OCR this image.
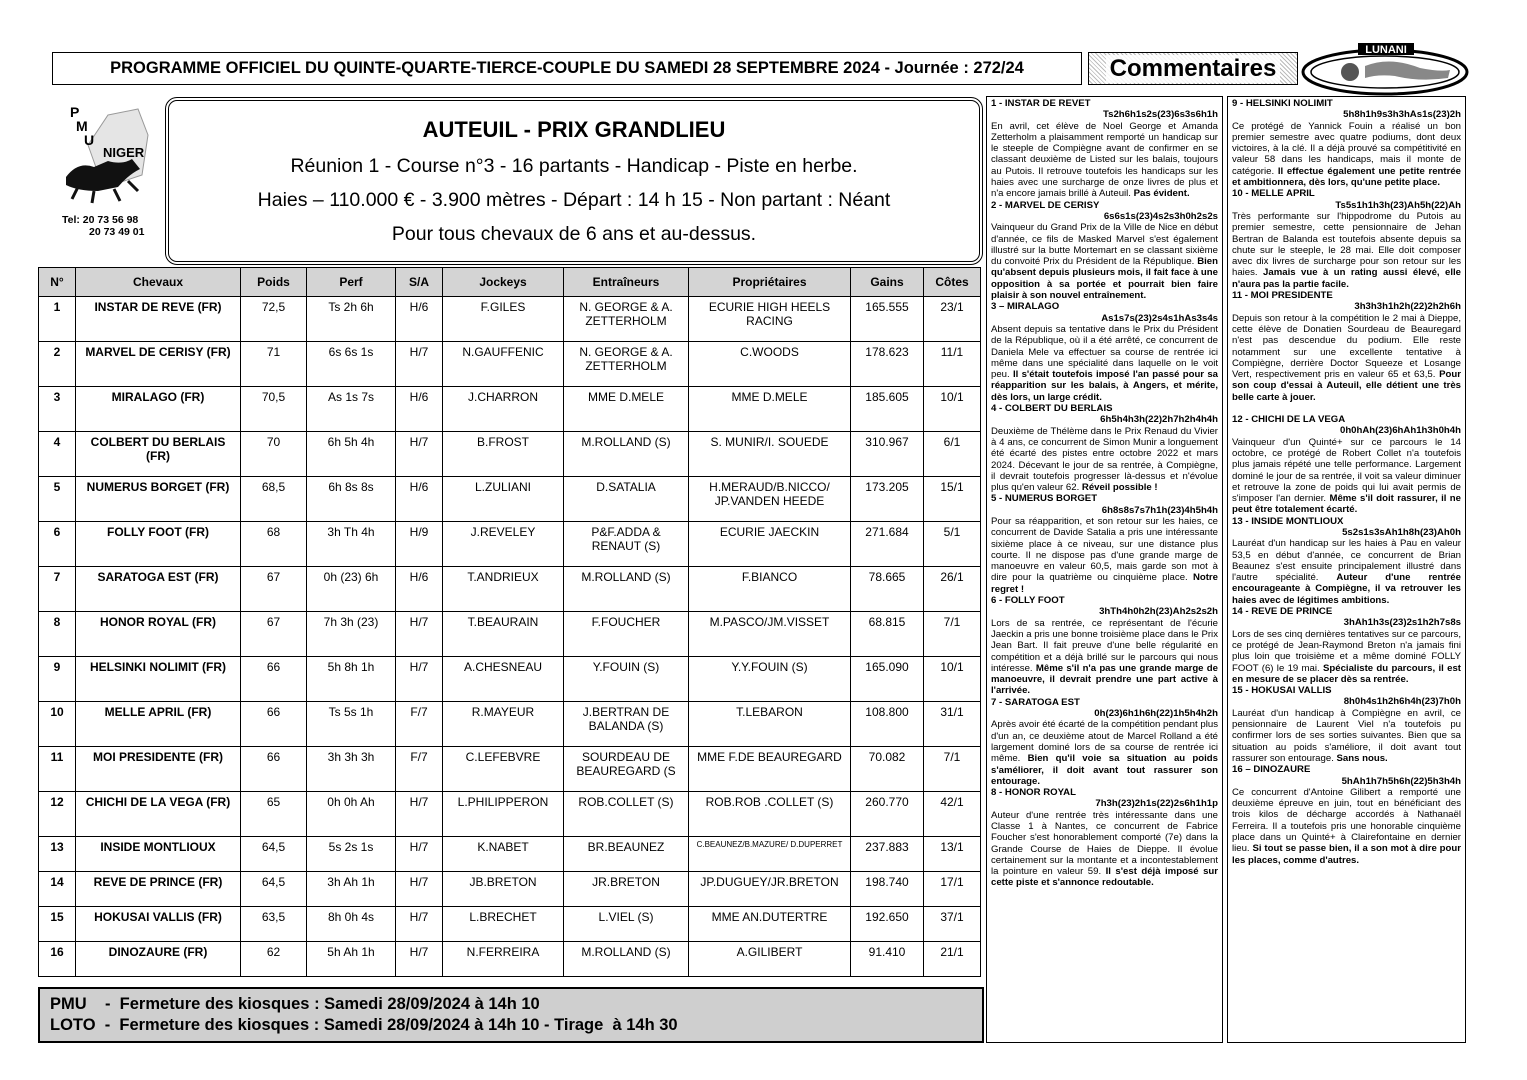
PROGRAMME OFFICIEL DU QUINTE-QUARTE-TIERCE-COUPLE DU SAMEDI 28 SEPTEMBRE 2024 - Journée : 272/24	Commentaires
LUNANI
P
M
U
NIGER
Tel: 20 73 56 98
20 73 49 01
AUTEUIL - PRIX GRANDLIEU
Réunion 1 - Course n°3 - 16 partants - Handicap - Piste en herbe.
Haies – 110.000 € - 3.900 mètres - Départ : 14 h 15 - Non partant : Néant
Pour tous chevaux de 6 ans et au-dessus.
N°	Chevaux	Poids	Perf	S/A	Jockeys	Entraîneurs	Propriétaires	Gains	Côtes
1	INSTAR DE REVE (FR)	72,5	Ts 2h 6h	H/6	F.GILES	N. GEORGE & A. ZETTERHOLM	ECURIE HIGH HEELS RACING	165.555	23/1
2	MARVEL DE CERISY (FR)	71	6s 6s 1s	H/7	N.GAUFFENIC	N. GEORGE & A. ZETTERHOLM	C.WOODS	178.623	11/1
3	MIRALAGO (FR)	70,5	As 1s 7s	H/6	J.CHARRON	MME D.MELE	MME D.MELE	185.605	10/1
4	COLBERT DU BERLAIS (FR)	70	6h 5h 4h	H/7	B.FROST	M.ROLLAND (S)	S. MUNIR/I. SOUEDE	310.967	6/1
5	NUMERUS BORGET (FR)	68,5	6h 8s 8s	H/6	L.ZULIANI	D.SATALIA	H.MERAUD/B.NICCO/ JP.VANDEN HEEDE	173.205	15/1
6	FOLLY FOOT (FR)	68	3h Th 4h	H/9	J.REVELEY	P&F.ADDA & RENAUT (S)	ECURIE JAECKIN	271.684	5/1
7	SARATOGA EST (FR)	67	0h (23) 6h	H/6	T.ANDRIEUX	M.ROLLAND (S)	F.BIANCO	78.665	26/1
8	HONOR ROYAL (FR)	67	7h 3h (23)	H/7	T.BEAURAIN	F.FOUCHER	M.PASCO/JM.VISSET	68.815	7/1
9	HELSINKI NOLIMIT (FR)	66	5h 8h 1h	H/7	A.CHESNEAU	Y.FOUIN (S)	Y.Y.FOUIN (S)	165.090	10/1
10	MELLE APRIL (FR)	66	Ts 5s 1h	F/7	R.MAYEUR	J.BERTRAN DE BALANDA (S)	T.LEBARON	108.800	31/1
11	MOI PRESIDENTE (FR)	66	3h 3h 3h	F/7	C.LEFEBVRE	SOURDEAU DE BEAUREGARD (S	MME F.DE BEAUREGARD	70.082	7/1
12	CHICHI DE LA VEGA (FR)	65	0h 0h Ah	H/7	L.PHILIPPERON	ROB.COLLET (S)	ROB.ROB .COLLET (S)	260.770	42/1
13	INSIDE MONTLIOUX	64,5	5s 2s 1s	H/7	K.NABET	BR.BEAUNEZ	C.BEAUNEZ/B.MAZURE/ D.DUPERRET	237.883	13/1
14	REVE DE PRINCE (FR)	64,5	3h Ah 1h	H/7	JB.BRETON	JR.BRETON	JP.DUGUEY/JR.BRETON	198.740	17/1
15	HOKUSAI VALLIS (FR)	63,5	8h 0h 4s	H/7	L.BRECHET	L.VIEL (S)	MME AN.DUTERTRE	192.650	37/1
16	DINOZAURE (FR)	62	5h Ah 1h	H/7	N.FERREIRA	M.ROLLAND (S)	A.GILIBERT	91.410	21/1
PMU    -  Fermeture des kiosques : Samedi 28/09/2024 à 14h 10
LOTO  -  Fermeture des kiosques : Samedi 28/09/2024 à 14h 10 - Tirage  à 14h 30
1 - INSTAR DE REVET
Ts2h6h1s2s(23)6s3s6h1h
En avril, cet élève de Noel George et Amanda Zetterholm a plaisamment remporté un handicap sur le steeple de Compiègne avant de confirmer en se classant deuxième de Listed sur les balais, toujours au Putois. Il retrouve toutefois les handicaps sur les haies avec une surcharge de onze livres de plus et n'a encore jamais brillé à Auteuil. Pas évident.
2 - MARVEL DE CERISY
6s6s1s(23)4s2s3h0h2s2s
Vainqueur du Grand Prix de la Ville de Nice en début d'année, ce fils de Masked Marvel s'est également illustré sur la butte Mortemart en se classant sixième du convoité Prix du Président de la République. Bien qu'absent depuis plusieurs mois, il fait face à une opposition à sa portée et pourrait bien faire plaisir à son nouvel entraînement.
3 – MIRALAGO
As1s7s(23)2s4s1hAs3s4s
Absent depuis sa tentative dans le Prix du Président de la République, où il a été arrêté, ce concurrent de Daniela Mele va effectuer sa course de rentrée ici même dans une spécialité dans laquelle on le voit peu. Il s'était toutefois imposé l'an passé pour sa réapparition sur les balais, à Angers, et mérite, dès lors, un large crédit.
4 - COLBERT DU BERLAIS
6h5h4h3h(22)2h7h2h4h4h
Deuxième de Thélème dans le Prix Renaud du Vivier à 4 ans, ce concurrent de Simon Munir a longuement été écarté des pistes entre octobre 2022 et mars 2024. Décevant le jour de sa rentrée, à Compiègne, il devrait toutefois progresser là-dessus et n'évolue plus qu'en valeur 62. Réveil possible !
5 - NUMERUS BORGET
6h8s8s7s7h1h(23)4h5h4h
Pour sa réapparition, et son retour sur les haies, ce concurrent de Davide Satalia a pris une intéressante sixième place à ce niveau, sur une distance plus courte. Il ne dispose pas d'une grande marge de manoeuvre en valeur 60,5, mais garde son mot à dire pour la quatrième ou cinquième place. Notre regret !
6 - FOLLY FOOT
3hTh4h0h2h(23)Ah2s2s2h
Lors de sa rentrée, ce représentant de l'écurie Jaeckin a pris une bonne troisième place dans le Prix Jean Bart. Il fait preuve d'une belle régularité en compétition et a déjà brillé sur le parcours qui nous intéresse. Même s'il n'a pas une grande marge de manoeuvre, il devrait prendre une part active à l'arrivée.
7 - SARATOGA EST
0h(23)6h1h6h(22)1h5h4h2h
Après avoir été écarté de la compétition pendant plus d'un an, ce deuxième atout de Marcel Rolland a été largement dominé lors de sa course de rentrée ici même. Bien qu'il voie sa situation au poids s'améliorer, il doit avant tout rassurer son entourage.
8 - HONOR ROYAL
7h3h(23)2h1s(22)2s6h1h1p
Auteur d'une rentrée très intéressante dans une Classe 1 à Nantes, ce concurrent de Fabrice Foucher s'est honorablement comporté (7e) dans la Grande Course de Haies de Dieppe. Il évolue certainement sur la montante et a incontestablement la pointure en valeur 59. Il s'est déjà imposé sur cette piste et s'annonce redoutable.
9 - HELSINKI NOLIMIT
5h8h1h9s3h3hAs1s(23)2h
Ce protégé de Yannick Fouin a réalisé un bon premier semestre avec quatre podiums, dont deux victoires, à la clé. Il a déjà prouvé sa compétitivité en valeur 58 dans les handicaps, mais il monte de catégorie. Il effectue également une petite rentrée et ambitionnera, dès lors, qu'une petite place.
10 - MELLE APRIL
Ts5s1h1h3h(23)Ah5h(22)Ah
Très performante sur l'hippodrome du Putois au premier semestre, cette pensionnaire de Jehan Bertran de Balanda est toutefois absente depuis sa chute sur le steeple, le 28 mai. Elle doit composer avec dix livres de surcharge pour son retour sur les haies. Jamais vue à un rating aussi élevé, elle n'aura pas la partie facile.
11 - MOI PRESIDENTE
3h3h3h1h2h(22)2h2h6h
Depuis son retour à la compétition le 2 mai à Dieppe, cette élève de Donatien Sourdeau de Beauregard n'est pas descendue du podium. Elle reste notamment sur une excellente tentative à Compiègne, derrière Doctor Squeeze et Losange Vert, respectivement pris en valeur 65 et 63,5. Pour son coup d'essai à Auteuil, elle détient une très belle carte à jouer.
12 - CHICHI DE LA VEGA
0h0hAh(23)6hAh1h3h0h4h
Vainqueur d'un Quinté+ sur ce parcours le 14 octobre, ce protégé de Robert Collet n'a toutefois plus jamais répété une telle performance. Largement dominé le jour de sa rentrée, il voit sa valeur diminuer et retrouve la zone de poids qui lui avait permis de s'imposer l'an dernier. Même s'il doit rassurer, il ne peut être totalement écarté.
13 - INSIDE MONTLIOUX
5s2s1s3sAh1h8h(23)Ah0h
Lauréat d'un handicap sur les haies à Pau en valeur 53,5 en début d'année, ce concurrent de Brian Beaunez s'est ensuite principalement illustré dans l'autre spécialité. Auteur d'une rentrée encourageante à Compiègne, il va retrouver les haies avec de légitimes ambitions.
14 - REVE DE PRINCE
3hAh1h3s(23)2s1h2h7s8s
Lors de ses cinq dernières tentatives sur ce parcours, ce protégé de Jean-Raymond Breton n'a jamais fini plus loin que troisième et a même dominé FOLLY FOOT (6) le 19 mai. Spécialiste du parcours, il est en mesure de se placer dès sa rentrée.
15 - HOKUSAI VALLIS
8h0h4s1h2h6h4h(23)7h0h
Lauréat d'un handicap à Compiègne en avril, ce pensionnaire de Laurent Viel n'a toutefois pu confirmer lors de ses sorties suivantes. Bien que sa situation au poids s'améliore, il doit avant tout rassurer son entourage. Sans nous.
16 – DINOZAURE
5hAh1h7h5h6h(22)5h3h4h
Ce concurrent d'Antoine Gilibert a remporté une deuxième épreuve en juin, tout en bénéficiant des trois kilos de décharge accordés à Nathanaël Ferreira. Il a toutefois pris une honorable cinquième place dans un Quinté+ à Clairefontaine en dernier lieu. Si tout se passe bien, il a son mot à dire pour les places, comme d'autres.
